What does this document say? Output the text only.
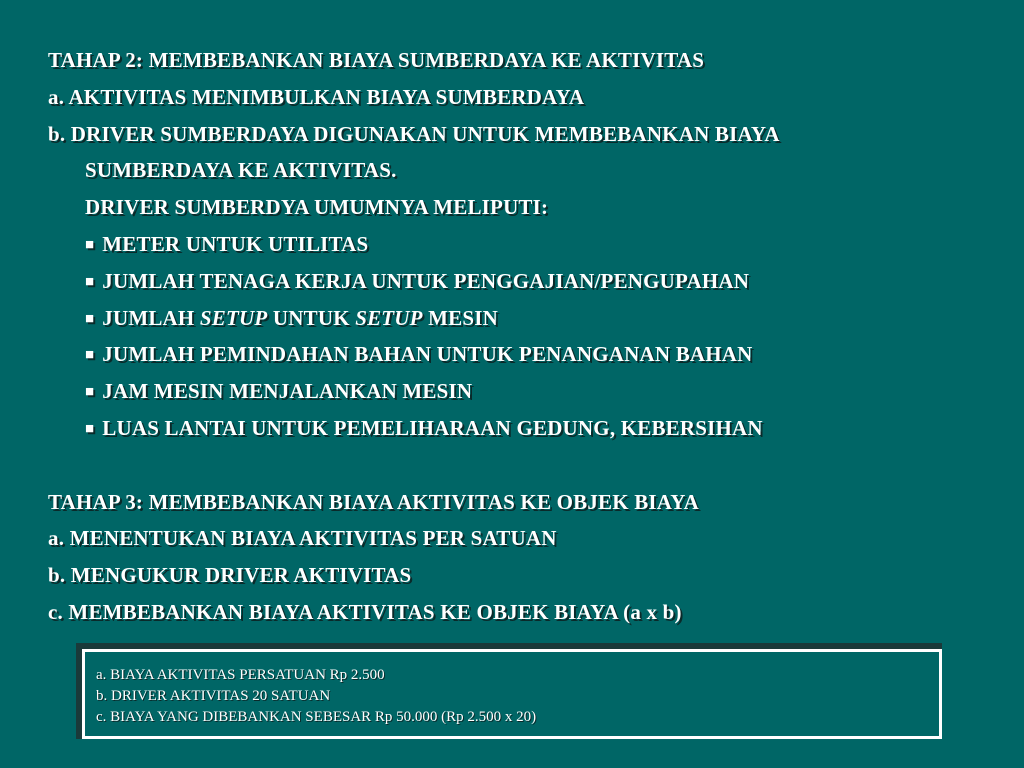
TAHAP 2: MEMBEBANKAN BIAYA SUMBERDAYA KE AKTIVITAS
a. AKTIVITAS MENIMBULKAN BIAYA SUMBERDAYA
b. DRIVER SUMBERDAYA DIGUNAKAN UNTUK MEMBEBANKAN BIAYA
SUMBERDAYA KE AKTIVITAS.
DRIVER SUMBERDYA UMUMNYA MELIPUTI:
■ METER UNTUK UTILITAS
■ JUMLAH TENAGA KERJA UNTUK PENGGAJIAN/PENGUPAHAN
■ JUMLAH SETUP UNTUK SETUP MESIN
■ JUMLAH PEMINDAHAN BAHAN UNTUK PENANGANAN BAHAN
■ JAM MESIN MENJALANKAN MESIN
■ LUAS LANTAI UNTUK PEMELIHARAAN GEDUNG, KEBERSIHAN
TAHAP 3: MEMBEBANKAN BIAYA AKTIVITAS KE OBJEK BIAYA
a. MENENTUKAN BIAYA AKTIVITAS PER SATUAN
b. MENGUKUR DRIVER AKTIVITAS
c. MEMBEBANKAN BIAYA AKTIVITAS KE OBJEK BIAYA (a x b)
a. BIAYA AKTIVITAS PERSATUAN Rp 2.500
b. DRIVER AKTIVITAS 20 SATUAN
c. BIAYA YANG DIBEBANKAN SEBESAR Rp 50.000 (Rp 2.500 x 20)
